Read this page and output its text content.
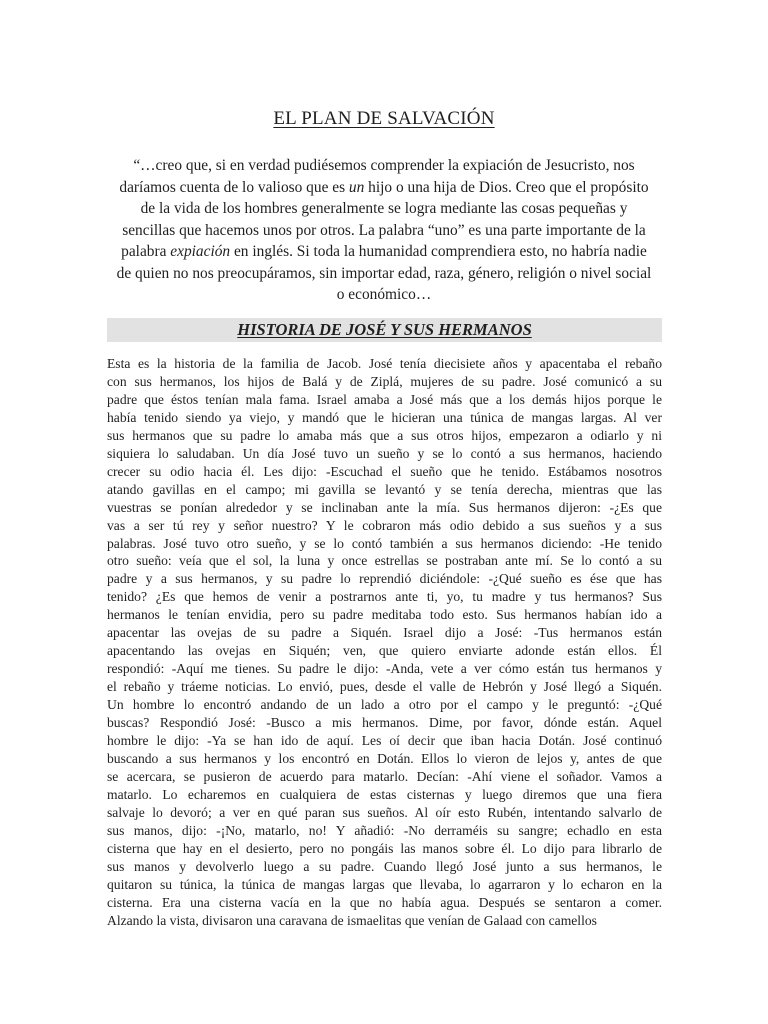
EL PLAN DE SALVACIÓN
“…creo que, si en verdad pudiésemos comprender la expiación de Jesucristo, nos daríamos cuenta de lo valioso que es un hijo o una hija de Dios. Creo que el propósito de la vida de los hombres generalmente se logra mediante las cosas pequeñas y sencillas que hacemos unos por otros. La palabra “uno” es una parte importante de la palabra expiación en inglés. Si toda la humanidad comprendiera esto, no habría nadie de quien no nos preocupáramos, sin importar edad, raza, género, religión o nivel social o económico…
HISTORIA DE JOSÉ Y SUS HERMANOS
Esta es la historia de la familia de Jacob. José tenía diecisiete años y apacentaba el rebaño
con sus hermanos, los hijos de Balá y de Ziplá, mujeres de su padre. José comunicó a su
padre que éstos tenían mala fama. Israel amaba a José más que a los demás hijos porque le
había tenido siendo ya viejo, y mandó que le hicieran una túnica de mangas largas. Al ver
sus hermanos que su padre lo amaba más que a sus otros hijos, empezaron a odiarlo y ni
siquiera lo saludaban. Un día José tuvo un sueño y se lo contó a sus hermanos, haciendo
crecer su odio hacia él. Les dijo: -Escuchad el sueño que he tenido. Estábamos nosotros
atando gavillas en el campo; mi gavilla se levantó y se tenía derecha, mientras que las
vuestras se ponían alrededor y se inclinaban ante la mía. Sus hermanos dijeron: -¿Es que
vas a ser tú rey y señor nuestro? Y le cobraron más odio debido a sus sueños y a sus
palabras. José tuvo otro sueño, y se lo contó también a sus hermanos diciendo: -He tenido
otro sueño: veía que el sol, la luna y once estrellas se postraban ante mí. Se lo contó a su
padre y a sus hermanos, y su padre lo reprendió diciéndole: -¿Qué sueño es ése que has
tenido? ¿Es que hemos de venir a postrarnos ante ti, yo, tu madre y tus hermanos? Sus
hermanos le tenían envidia, pero su padre meditaba todo esto. Sus hermanos habían ido a
apacentar las ovejas de su padre a Siquén. Israel dijo a José: -Tus hermanos están
apacentando las ovejas en Siquén; ven, que quiero enviarte adonde están ellos. Él
respondió: -Aquí me tienes. Su padre le dijo: -Anda, vete a ver cómo están tus hermanos y
el rebaño y tráeme noticias. Lo envió, pues, desde el valle de Hebrón y José llegó a Siquén.
Un hombre lo encontró andando de un lado a otro por el campo y le preguntó: -¿Qué
buscas? Respondió José: -Busco a mis hermanos. Dime, por favor, dónde están. Aquel
hombre le dijo: -Ya se han ido de aquí. Les oí decir que iban hacia Dotán. José continuó
buscando a sus hermanos y los encontró en Dotán. Ellos lo vieron de lejos y, antes de que
se acercara, se pusieron de acuerdo para matarlo. Decían: -Ahí viene el soñador. Vamos a
matarlo. Lo echaremos en cualquiera de estas cisternas y luego diremos que una fiera
salvaje lo devoró; a ver en qué paran sus sueños. Al oír esto Rubén, intentando salvarlo de
sus manos, dijo: -¡No, matarlo, no! Y añadió: -No derraméis su sangre; echadlo en esta
cisterna que hay en el desierto, pero no pongáis las manos sobre él. Lo dijo para librarlo de
sus manos y devolverlo luego a su padre. Cuando llegó José junto a sus hermanos, le
quitaron su túnica, la túnica de mangas largas que llevaba, lo agarraron y lo echaron en la
cisterna. Era una cisterna vacía en la que no había agua. Después se sentaron a comer.
Alzando la vista, divisaron una caravana de ismaelitas que venían de Galaad con camellos
